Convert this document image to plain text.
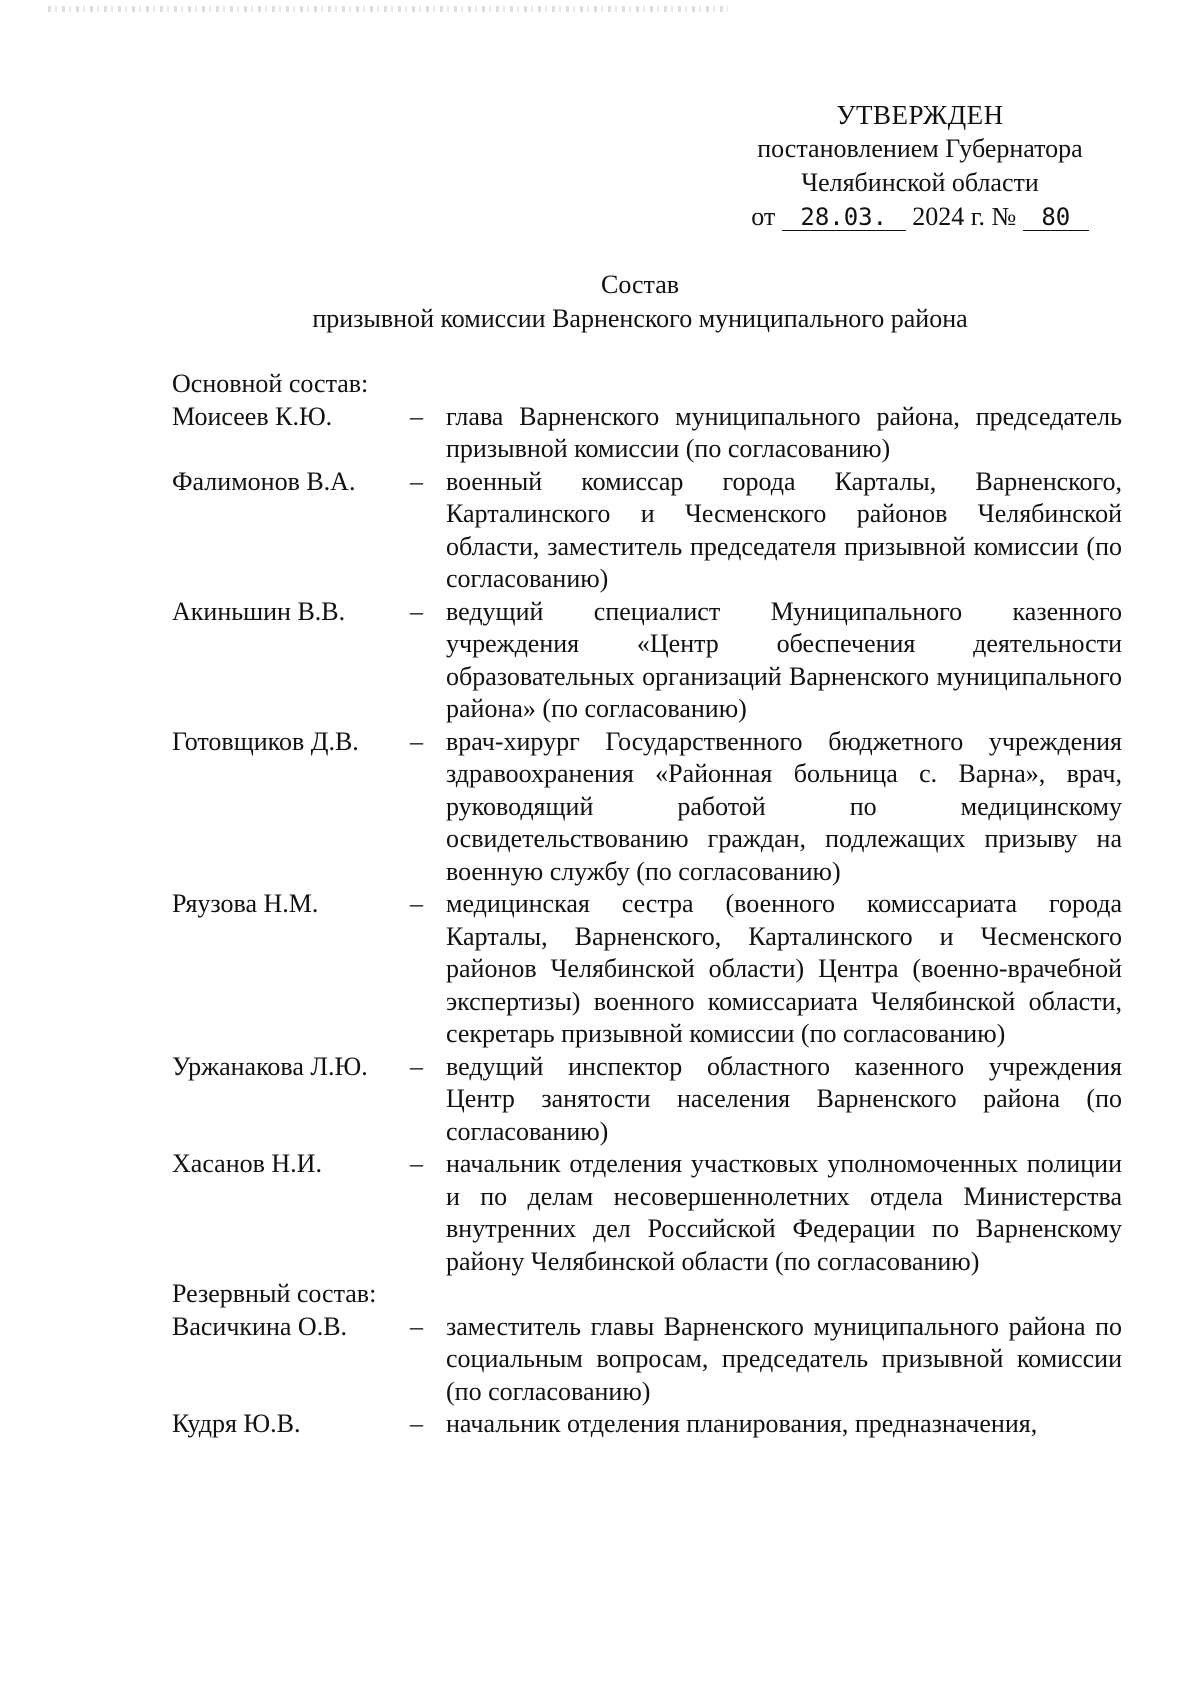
УТВЕРЖДЕН
постановлением Губернатора
Челябинской области
от 28.03. 2024 г. № 80
Состав
призывной комиссии Варненского муниципального района
Основной состав:
Моисеев К.Ю.	– глава Варненского муниципального района, председатель призывной комиссии (по согласованию)
Фалимонов В.А.	– военный комиссар города Карталы, Варненского, Карталинского и Чесменского районов Челябинской области, заместитель председателя призывной комиссии (по согласованию)
Акиньшин В.В.	– ведущий специалист Муниципального казенного учреждения «Центр обеспечения деятельности образовательных организаций Варненского муниципального района» (по согласованию)
Готовщиков Д.В.	– врач-хирург Государственного бюджетного учреждения здравоохранения «Районная больница с. Варна», врач, руководящий работой по медицинскому освидетельствованию граждан, подлежащих призыву на военную службу (по согласованию)
Ряузова Н.М.	– медицинская сестра (военного комиссариата города Карталы, Варненского, Карталинского и Чесменского районов Челябинской области) Центра (военно-врачебной экспертизы) военного комиссариата Челябинской области, секретарь призывной комиссии (по согласованию)
Уржанакова Л.Ю.	– ведущий инспектор областного казенного учреждения Центр занятости населения Варненского района (по согласованию)
Хасанов Н.И.	– начальник отделения участковых уполномоченных полиции и по делам несовершеннолетних отдела Министерства внутренних дел Российской Федерации по Варненскому району Челябинской области (по согласованию)
Резервный состав:
Васичкина О.В.	– заместитель главы Варненского муниципального района по социальным вопросам, председатель призывной комиссии (по согласованию)
Кудря Ю.В.	– начальник отделения планирования, предназначения,
